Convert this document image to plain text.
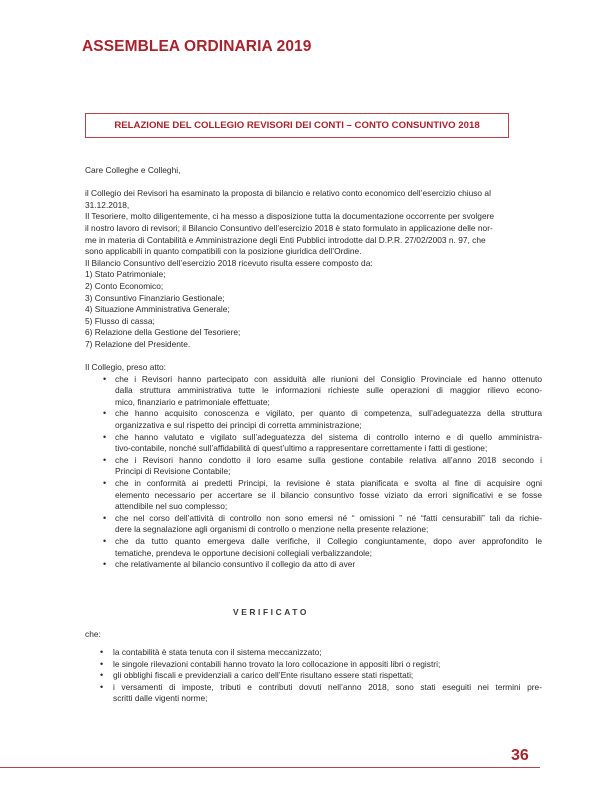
ASSEMBLEA ORDINARIA 2019
RELAZIONE DEL COLLEGIO REVISORI DEI CONTI – CONTO CONSUNTIVO 2018
Care Colleghe e Colleghi,
il Collegio dei Revisori ha esaminato la proposta di bilancio e relativo conto economico dell’esercizio chiuso al
31.12.2018,
Il Tesoriere, molto diligentemente, ci ha messo a disposizione tutta la documentazione occorrente per svolgere
il nostro lavoro di revisori; il Bilancio Consuntivo dell’esercizio 2018 è stato formulato in applicazione delle nor-
me in materia di Contabilità e Amministrazione degli Enti Pubblici introdotte dal D.P.R. 27/02/2003 n. 97, che
sono applicabili in quanto compatibili con la posizione giuridica dell’Ordine.
Il Bilancio Consuntivo dell’esercizio 2018 ricevuto risulta essere composto da:
1) Stato Patrimoniale;
2) Conto Economico;
3) Consuntivo Finanziario Gestionale;
4) Situazione Amministrativa Generale;
5) Flusso di cassa;
6) Relazione della Gestione del Tesoriere;
7) Relazione del Presidente.
Il Collegio, preso atto:
• che i Revisori hanno partecipato con assiduità alle riunioni del Consiglio Provinciale ed hanno ottenuto
dalla struttura amministrativa tutte le informazioni richieste sulle operazioni di maggior rilievo econo-
mico, finanziario e patrimoniale effettuate;
• che hanno acquisito conoscenza e vigilato, per quanto di competenza, sull’adeguatezza della struttura
organizzativa e sul rispetto dei principi di corretta amministrazione;
• che hanno valutato e vigilato sull’adeguatezza del sistema di controllo interno e di quello amministra-
tivo-contabile, nonché sull’affidabilità di quest’ultimo a rappresentare correttamente i fatti di gestione;
• che i Revisori hanno condotto il loro esame sulla gestione contabile relativa all’anno 2018 secondo i
Principi di Revisione Contabile;
• che in conformità ai predetti Principi, la revisione è stata pianificata e svolta al fine di acquisire ogni
elemento necessario per accertare se il bilancio consuntivo fosse viziato da errori significativi e se fosse
attendibile nel suo complesso;
• che nel corso dell’attività di controllo non sono emersi né “ omissioni ” né “fatti censurabili” tali da richie-
dere la segnalazione agli organismi di controllo o menzione nella presente relazione;
• che da tutto quanto emergeva dalle verifiche, il Collegio congiuntamente, dopo aver approfondito le
tematiche, prendeva le opportune decisioni collegiali verbalizzandole;
• che relativamente al bilancio consuntivo il collegio da atto di aver
VERIFICATO
che:
• la contabilità è stata tenuta con il sistema meccanizzato;
• le singole rilevazioni contabili hanno trovato la loro collocazione in appositi libri o registri;
• gli obblighi fiscali e previdenziali a carico dell’Ente risultano essere stati rispettati;
• i versamenti di imposte, tributi e contributi dovuti nell’anno 2018, sono stati eseguiti nei termini pre-
scritti dalle vigenti norme;
36
